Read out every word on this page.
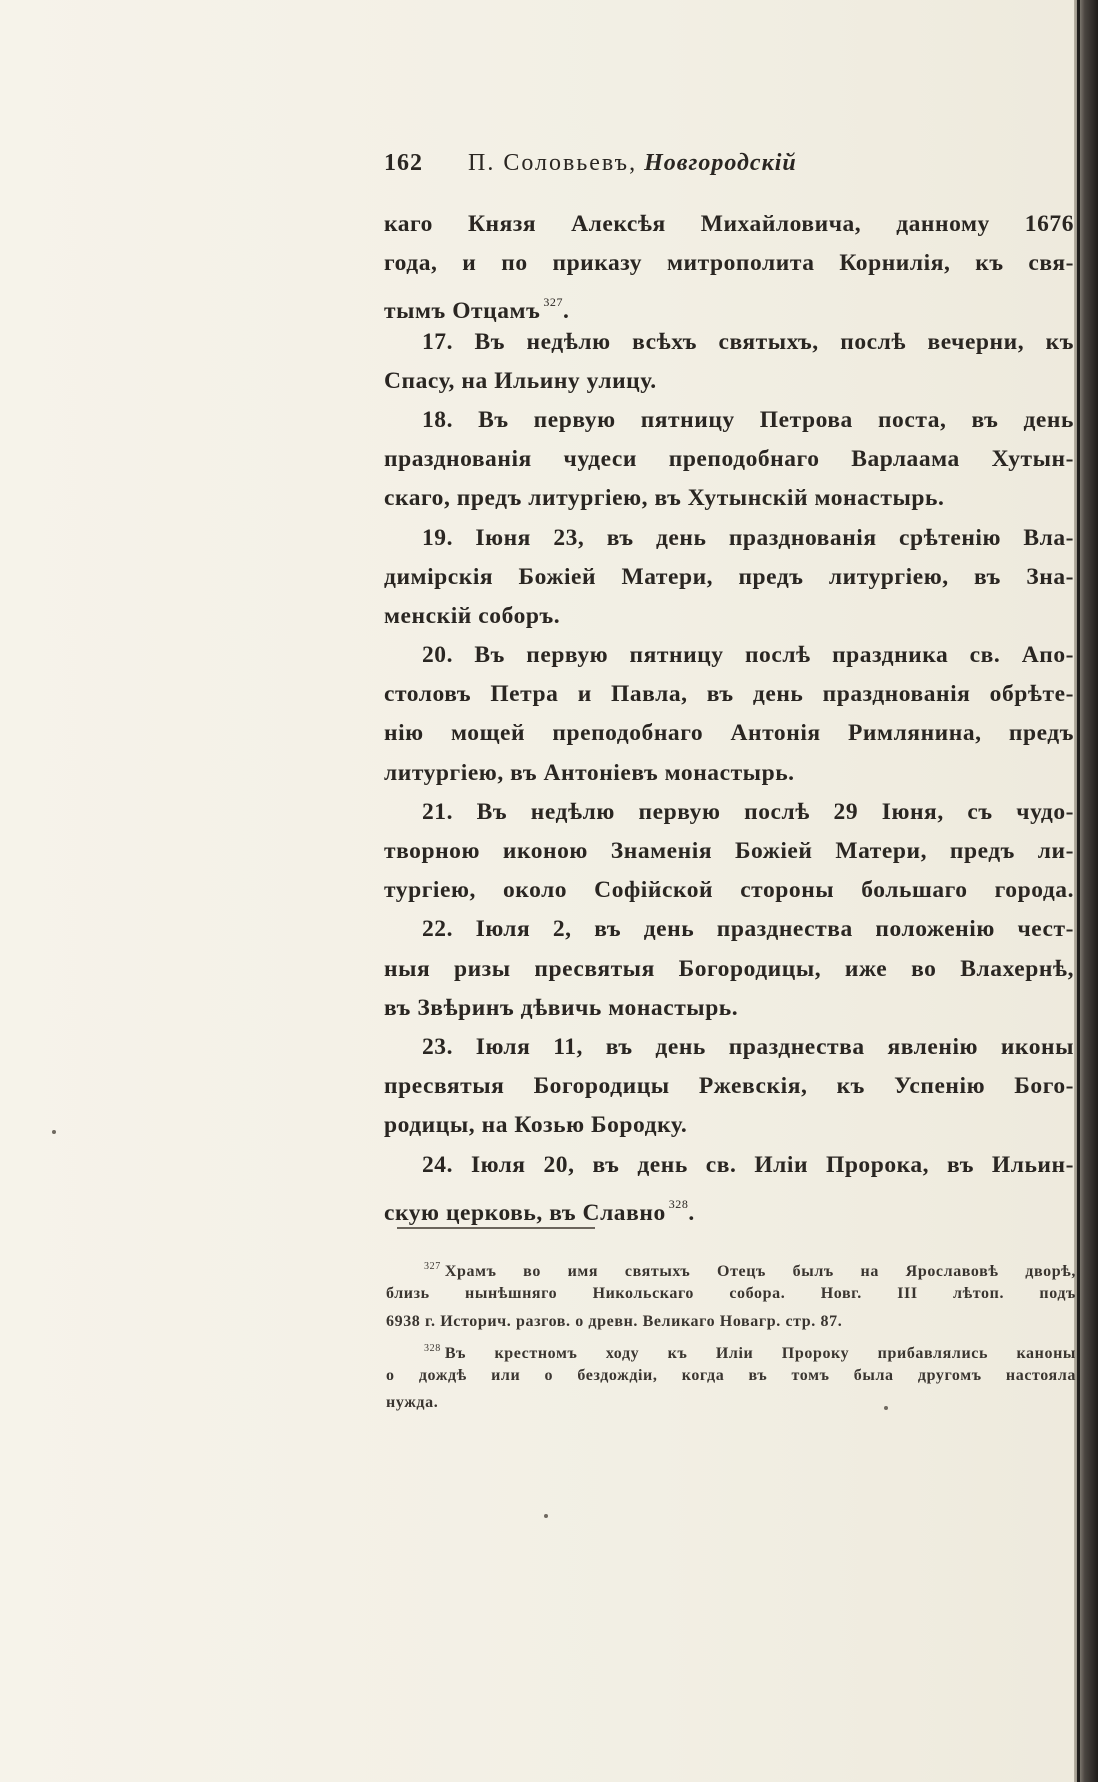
162 П. Соловьевъ, Новгородскій
каго Князя Алексѣя Михайловича, данному 1676
года, и по приказу митрополита Корнилія, къ свя-
тымъ Отцамъ $^{327}$.
17. Въ недѣлю всѣхъ святыхъ, послѣ вечерни, къ
Спасу, на Ильину улицу.
18. Въ первую пятницу Петрова поста, въ день
празднованія чудеси преподобнаго Варлаама Хутын-
скаго, предъ литургіею, въ Хутынскій монастырь.
19. Іюня 23, въ день празднованія срѣтенію Вла-
димірскія Божіей Матери, предъ литургіею, въ Зна-
менскій соборъ.
20. Въ первую пятницу послѣ праздника св. Апо-
столовъ Петра и Павла, въ день празднованія обрѣте-
нію мощей преподобнаго Антонія Римлянина, предъ
литургіею, въ Антоніевъ монастырь.
21. Въ недѣлю первую послѣ 29 Іюня, съ чудо-
творною иконою Знаменія Божіей Матери, предъ ли-
тургіею, около Софійской стороны большаго города.
22. Іюля 2, въ день празднества положенію чест-
ныя ризы пресвятыя Богородицы, иже во Влахернѣ,
въ Звѣринъ дѣвичь монастырь.
23. Іюля 11, въ день празднества явленію иконы
пресвятыя Богородицы Ржевскія, къ Успенію Бого-
родицы, на Козью Бородку.
24. Іюля 20, въ день св. Иліи Пророка, въ Ильин-
скую церковь, въ Славно $^{328}$.
$^{327}$ Храмъ во имя святыхъ Отецъ былъ на Ярославовѣ дворѣ,
близь нынѣшняго Никольскаго собора. Новг. III лѣтоп. подъ
6938 г. Историч. разгов. о древн. Великаго Новагр. стр. 87.
$^{328}$ Въ крестномъ ходу къ Иліи Пророку прибавлялись каноны
о дождѣ или о бездождіи, когда въ томъ была другомъ настояла
нужда.
